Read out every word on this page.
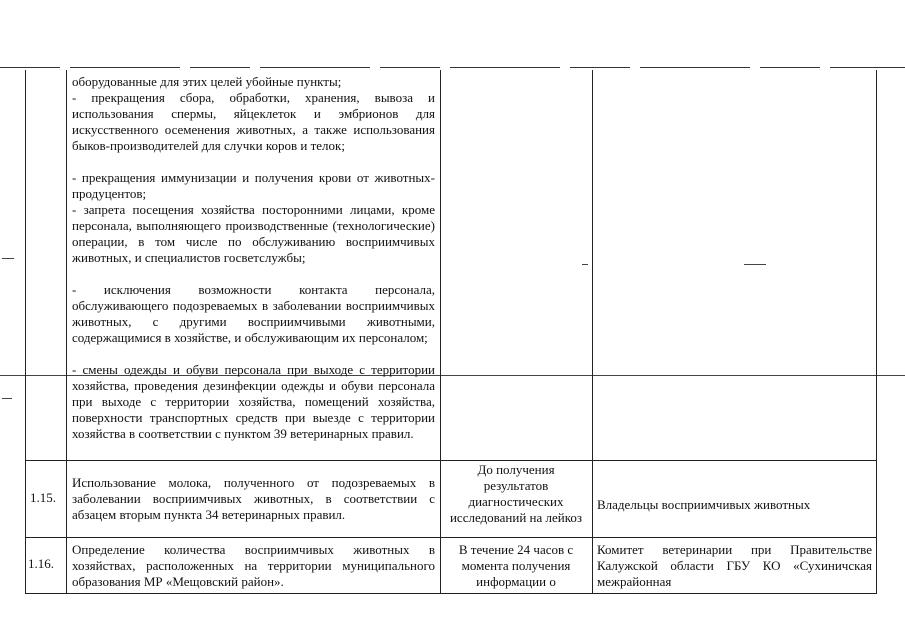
оборудованные для этих целей убойные пункты;
- прекращения сбора, обработки, хранения, вывоза и использования спермы, яйцеклеток и эмбрионов для искусственного осеменения животных, а также использования быков-производителей для случки коров и телок;
- прекращения иммунизации и получения крови от животных-продуцентов;
- запрета посещения хозяйства посторонними лицами, кроме персонала, выполняющего производственные (технологические) операции, в том числе по обслуживанию восприимчивых животных, и специалистов госветслужбы;
- исключения возможности контакта персонала, обслуживающего подозреваемых в заболевании восприимчивых животных, с другими восприимчивыми животными, содержащимися в хозяйстве, и обслуживающим их персоналом;
- смены одежды и обуви персонала при выходе с территории хозяйства, проведения дезинфекции одежды и обуви персонала при выходе с территории хозяйства, помещений хозяйства, поверхности транспортных средств при выезде с территории хозяйства в соответствии с пунктом 39 ветеринарных правил.
1.15.
Использование молока, полученного от подозреваемых в заболевании восприимчивых животных, в соответствии с абзацем вторым пункта 34 ветеринарных правил.
До получения результатов диагностических исследований на лейкоз
Владельцы восприимчивых животных
1.16.
Определение количества восприимчивых животных в хозяйствах, расположенных на территории муниципального образования МР «Мещовский район».
В течение 24 часов с момента получения информации о
Комитет ветеринарии при Правительстве Калужской области ГБУ КО «Сухиничская межрайонная
